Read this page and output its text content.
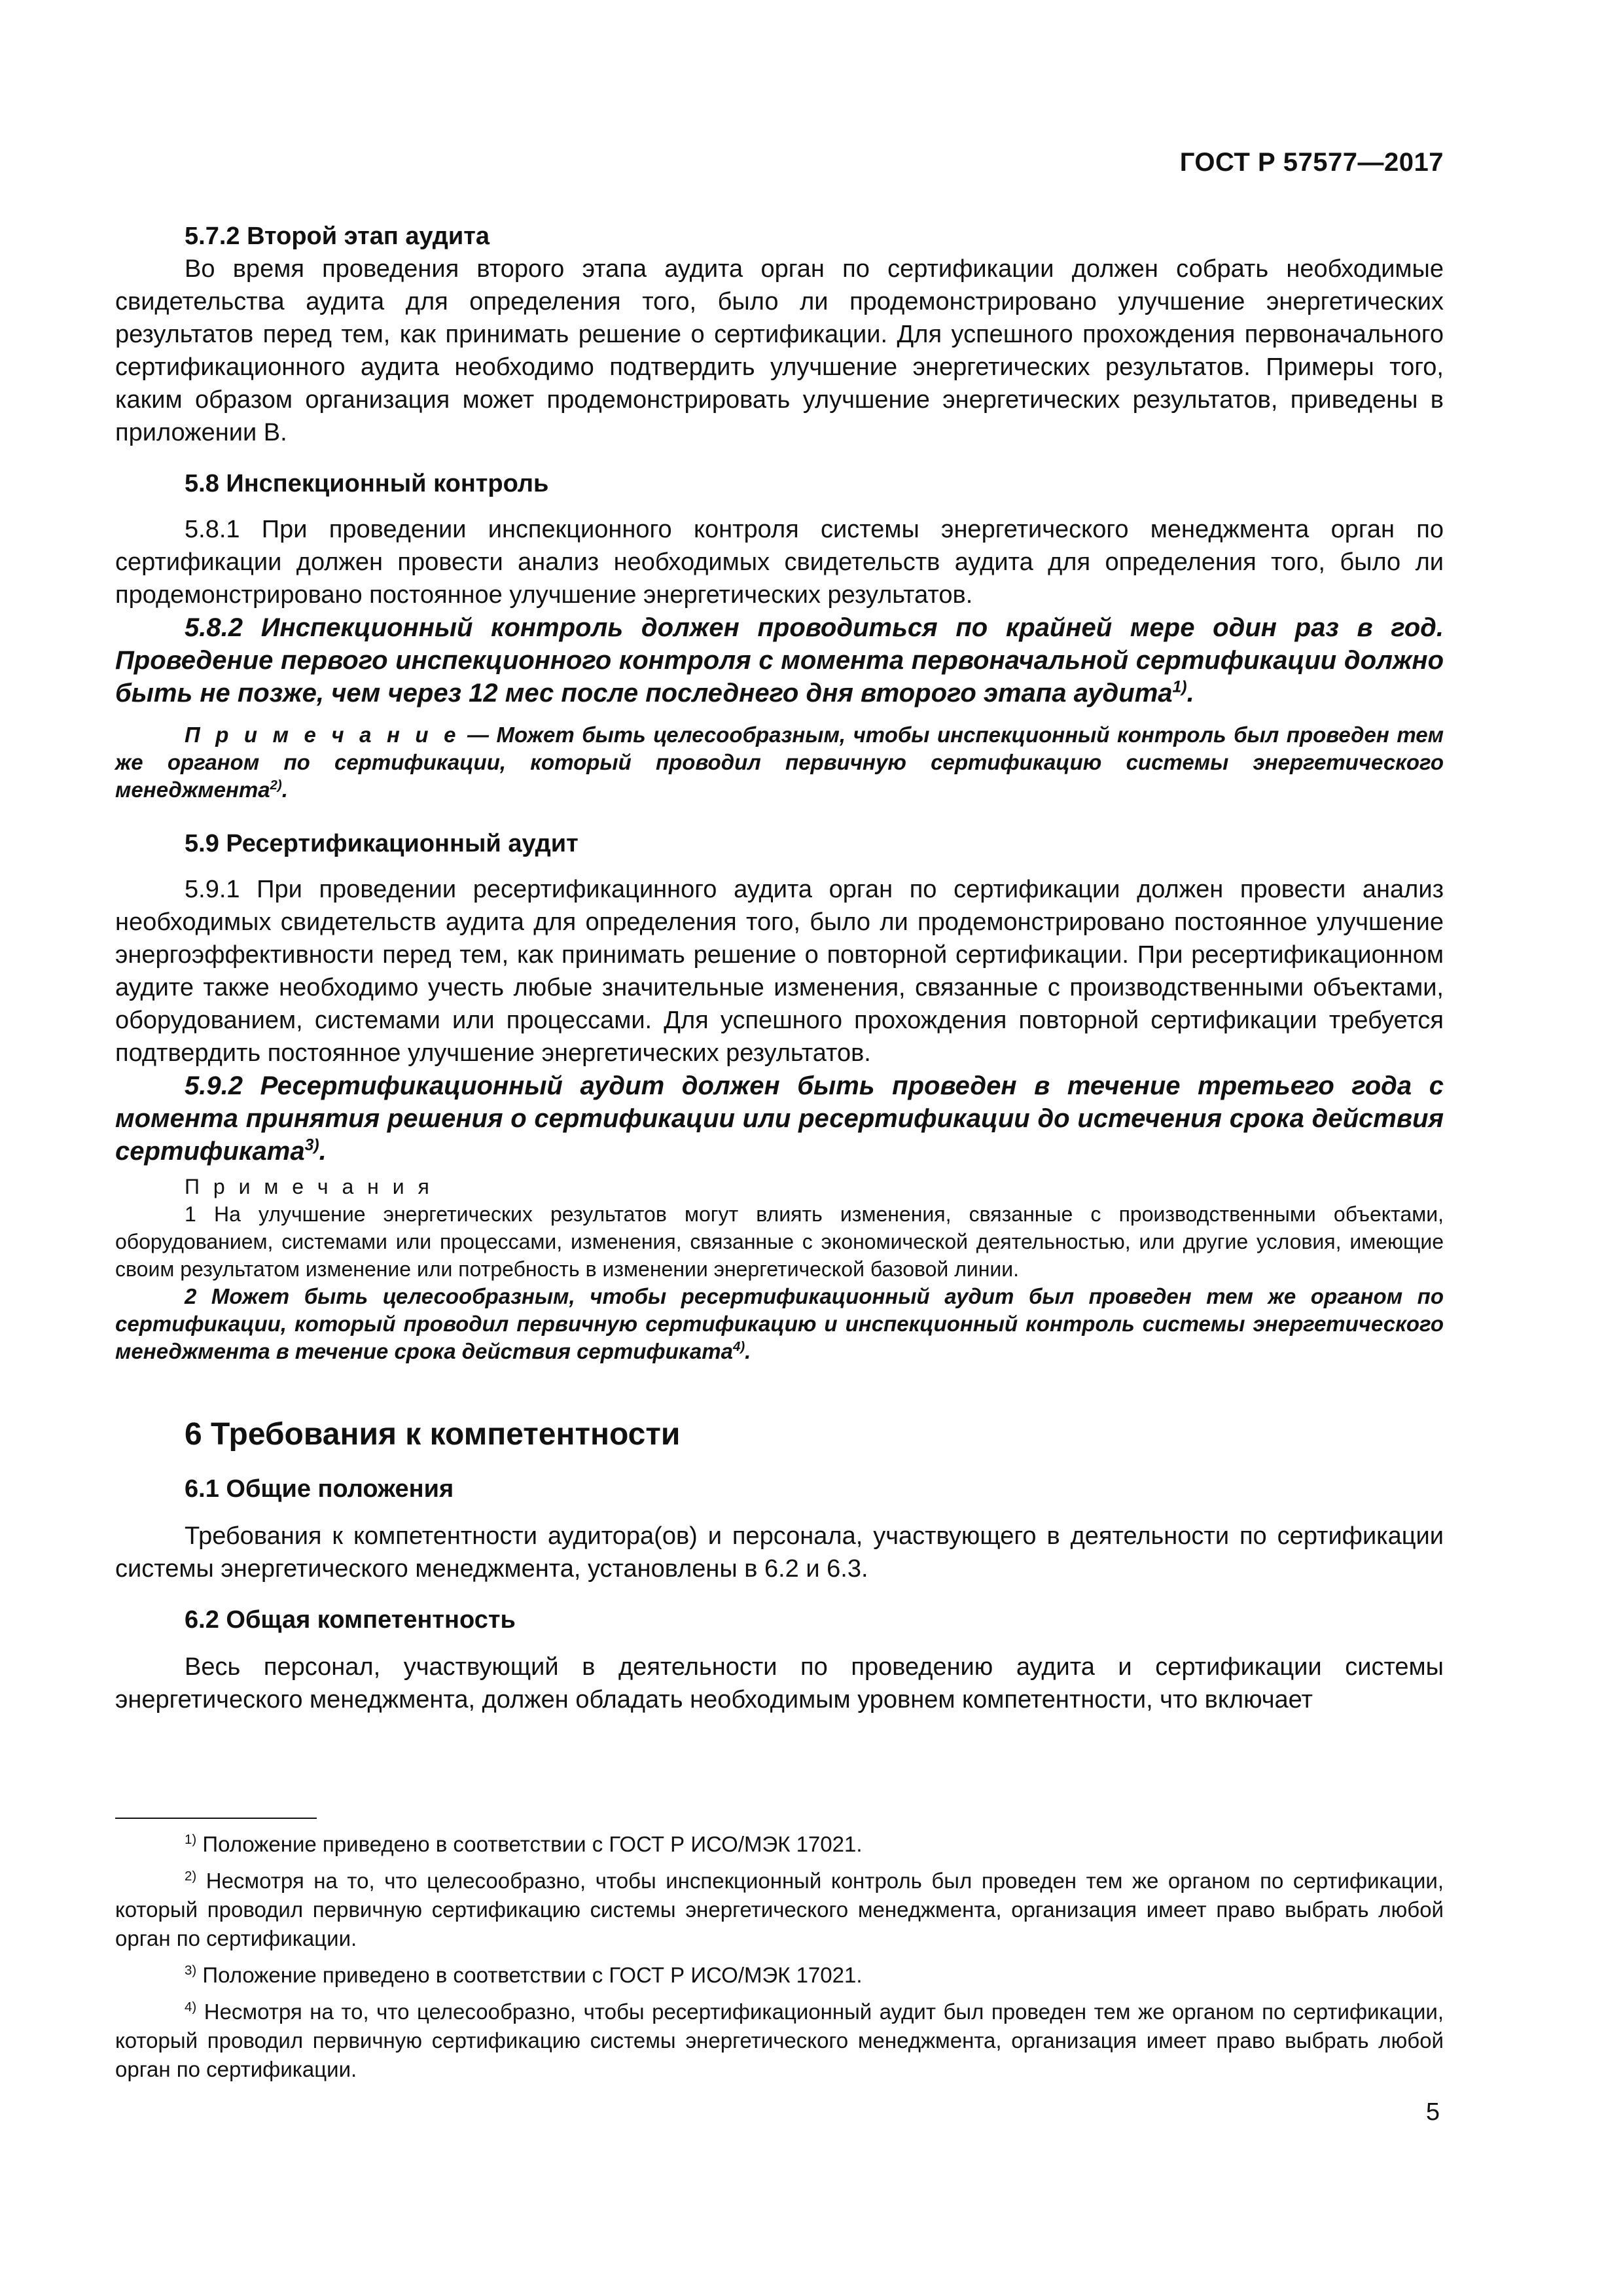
ГОСТ Р 57577—2017

5.7.2 Второй этап аудита

Во время проведения второго этапа аудита орган по сертификации должен собрать необходимые свидетельства аудита для определения того, было ли продемонстрировано улучшение энергетических результатов перед тем, как принимать решение о сертификации. Для успешного прохождения первоначального сертификационного аудита необходимо подтвердить улучшение энергетических результатов. Примеры того, каким образом организация может продемонстрировать улучшение энергетических результатов, приведены в приложении В.

5.8 Инспекционный контроль

5.8.1 При проведении инспекционного контроля системы энергетического менеджмента орган по сертификации должен провести анализ необходимых свидетельств аудита для определения того, было ли продемонстрировано постоянное улучшение энергетических результатов.

5.8.2 Инспекционный контроль должен проводиться по крайней мере один раз в год. Проведение первого инспекционного контроля с момента первоначальной сертификации должно быть не позже, чем через 12 мес после последнего дня второго этапа аудита$^{1)}$.

П р и м е ч а н и е — Может быть целесообразным, чтобы инспекционный контроль был проведен тем же органом по сертификации, который проводил первичную сертификацию системы энергетического менеджмента$^{2)}$.

5.9 Ресертификационный аудит

5.9.1 При проведении ресертификацинного аудита орган по сертификации должен провести анализ необходимых свидетельств аудита для определения того, было ли продемонстрировано постоянное улучшение энергоэффективности перед тем, как принимать решение о повторной сертификации. При ресертификационном аудите также необходимо учесть любые значительные изменения, связанные с производственными объектами, оборудованием, системами или процессами. Для успешного прохождения повторной сертификации требуется подтвердить постоянное улучшение энергетических результатов.

5.9.2 Ресертификационный аудит должен быть проведен в течение третьего года с момента принятия решения о сертификации или ресертификации до истечения срока действия сертификата$^{3)}$.

П р и м е ч а н и я

1 На улучшение энергетических результатов могут влиять изменения, связанные с производственными объектами, оборудованием, системами или процессами, изменения, связанные с экономической деятельностью, или другие условия, имеющие своим результатом изменение или потребность в изменении энергетической базовой линии.

2 Может быть целесообразным, чтобы ресертификационный аудит был проведен тем же органом по сертификации, который проводил первичную сертификацию и инспекционный контроль системы энергетического менеджмента в течение срока действия сертификата$^{4)}$.

6 Требования к компетентности

6.1 Общие положения

Требования к компетентности аудитора(ов) и персонала, участвующего в деятельности по сертификации системы энергетического менеджмента, установлены в 6.2 и 6.3.

6.2 Общая компетентность

Весь персонал, участвующий в деятельности по проведению аудита и сертификации системы энергетического менеджмента, должен обладать необходимым уровнем компетентности, что включает

$^{1)}$ Положение приведено в соответствии с ГОСТ Р ИСО/МЭК 17021.

$^{2)}$ Несмотря на то, что целесообразно, чтобы инспекционный контроль был проведен тем же органом по сертификации, который проводил первичную сертификацию системы энергетического менеджмента, организация имеет право выбрать любой орган по сертификации.

$^{3)}$ Положение приведено в соответствии с ГОСТ Р ИСО/МЭК 17021.

$^{4)}$ Несмотря на то, что целесообразно, чтобы ресертификационный аудит был проведен тем же органом по сертификации, который проводил первичную сертификацию системы энергетического менеджмента, организация имеет право выбрать любой орган по сертификации.

5
